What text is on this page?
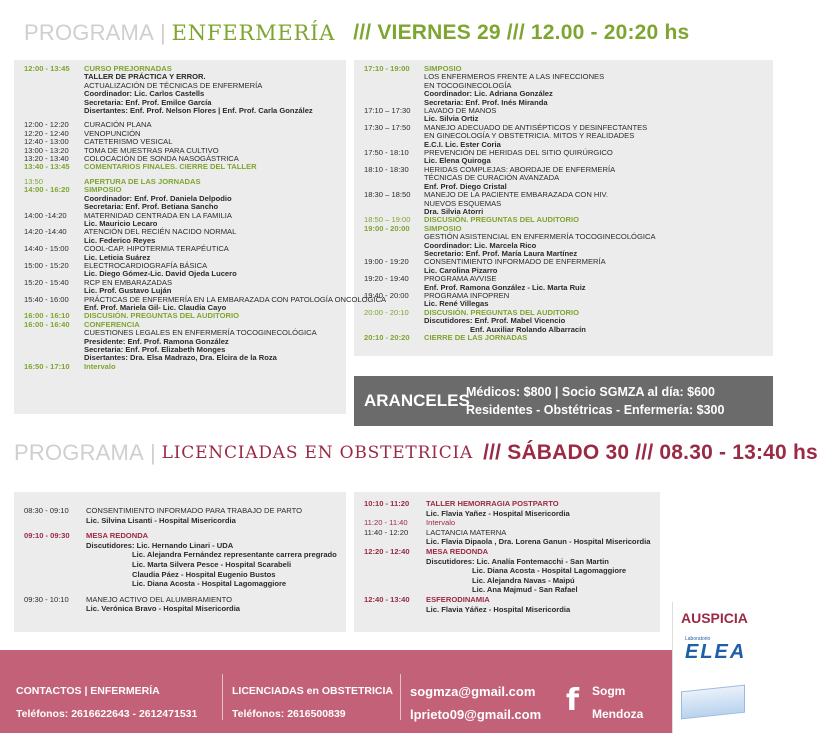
PROGRAMA | ENFERMERÍA /// VIERNES 29 /// 12.00 - 20:20 hs
12:00 - 13:45	CURSO PREJORNADAS
TALLER DE PRÁCTICA Y ERROR.
ACTUALIZACIÓN DE TÉCNICAS DE ENFERMERÍA
Coordinador: Lic. Carlos Castells
Secretaria: Enf. Prof. Emilce García
Disertantes: Enf. Prof. Nelson Flores | Enf. Prof. Carla González
12:00 - 12:20	CURACIÓN PLANA
12:20 - 12:40	VENOPUNCIÓN
12:40 - 13:00	CATETERISMO VESICAL
13:00 - 13:20	TOMA DE MUESTRAS PARA CULTIVO
13:20 - 13:40	COLOCACIÓN DE SONDA NASOGÁSTRICA
13:40 - 13:45	COMENTARIOS FINALES. CIERRE DEL TALLER
13:50	APERTURA DE LAS JORNADAS
14:00 - 16:20	SIMPOSIO
Coordinador: Enf. Prof. Daniela Delpodio
Secretaria: Enf. Prof. Betiana Sancho
14:00 -14:20	MATERNIDAD CENTRADA EN LA FAMILIA
Lic. Mauricio Lecaro
14:20 -14:40	ATENCIÓN DEL RECIÉN NACIDO NORMAL
Lic. Federico Reyes
14:40 - 15:00	COOL-CAP. HIPOTERMIA TERAPÉUTICA
Lic. Leticia Suárez
15:00 - 15:20	ELECTROCARDIOGRAFÍA BÁSICA
Lic. Diego Gómez-Lic. David Ojeda Lucero
15:20 - 15:40	RCP EN EMBARAZADAS
Lic. Prof. Gustavo Luján
15:40 - 16:00	PRÁCTICAS DE ENFERMERÍA EN LA EMBARAZADA CON PATOLOGÍA ONCOLÓGICA
Enf. Prof. Mariela Gil- Lic. Claudia Cayo
16:00 - 16:10	DISCUSIÓN. PREGUNTAS DEL AUDITORIO
16:00 - 16:40	CONFERENCIA
CUESTIONES LEGALES EN ENFERMERÍA TOCOGINECOLÓGICA
Presidente: Enf. Prof. Ramona González
Secretaria: Enf. Prof. Elizabeth Monges
Disertantes: Dra. Elsa Madrazo, Dra. Elcira de la Roza
16:50 - 17:10	Intervalo
17:10 - 19:00	SIMPOSIO
LOS ENFERMEROS FRENTE A LAS INFECCIONES
EN TOCOGINECOLOGÍA
Coordinador: Lic. Adriana González
Secretaria: Enf. Prof. Inés Miranda
17:10 – 17:30	LAVADO DE MANOS
Lic. Silvia Ortiz
17:30 – 17:50	MANEJO ADECUADO DE ANTISÉPTICOS Y DESINFECTANTES
EN GINECOLOGÍA Y OBSTETRICIA. MITOS Y REALIDADES
E.C.I. Lic. Ester Coria
17:50 - 18:10	PREVENCIÓN DE HERIDAS DEL SITIO QUIRÚRGICO
Lic. Elena Quiroga
18:10 - 18:30	HERIDAS COMPLEJAS: ABORDAJE DE ENFERMERÍA
TÉCNICAS DE CURACIÓN AVANZADA
Enf. Prof. Diego Cristal
18:30 – 18:50	MANEJO DE LA PACIENTE EMBARAZADA CON HIV.
NUEVOS ESQUEMAS
Dra. Silvia Atorri
18:50 – 19:00	DISCUSIÓN. PREGUNTAS DEL AUDITORIO
19:00 - 20:00	SIMPOSIO
GESTIÓN ASISTENCIAL EN ENFERMERÍA TOCOGINECOLÓGICA
Coordinador: Lic. Marcela Rico
Secretario: Enf. Prof. María Laura Martínez
19:00 - 19:20	CONSENTIMIENTO INFORMADO DE ENFERMERÍA
Lic. Carolina Pizarro
19:20 - 19:40	PROGRAMA AVVISE
Enf. Prof. Ramona González - Lic. Marta Ruiz
19:40 - 20:00	PROGRAMA INFOPREN
Lic. René Villegas
20:00 - 20:10	DISCUSIÓN. PREGUNTAS DEL AUDITORIO
Discutidores: Enf. Prof. Mabel Vicencio
Enf. Auxiliar Rolando Albarracín
20:10 - 20:20	CIERRE DE LAS JORNADAS
ARANCELES
Médicos: $800 | Socio SGMZA al día: $600
Residentes - Obstétricas - Enfermería: $300
PROGRAMA | LICENCIADAS EN OBSTETRICIA /// SÁBADO 30 /// 08.30 - 13:40 hs
08:30 - 09:10	CONSENTIMIENTO INFORMADO PARA TRABAJO DE PARTO
Lic. Silvina Lisanti - Hospital Misericordia
09:10 - 09:30	MESA REDONDA
Discutidores: Lic. Hernando Linari - UDA
Lic. Alejandra Fernández representante carrera pregrado
Lic. Marta Silvera Pesce - Hospital Scarabeli
Claudia Páez - Hospital Eugenio Bustos
Lic. Diana Acosta - Hospital Lagomaggiore
09:30 - 10:10	MANEJO ACTIVO DEL ALUMBRAMIENTO
Lic. Verónica Bravo - Hospital Misericordia
10:10 - 11:20	TALLER HEMORRAGIA POSTPARTO
Lic. Flavia Yañez - Hospital Misericordia
11:20 - 11:40	Intervalo
11:40 - 12:20	LACTANCIA MATERNA
Lic. Flavia Dipaola , Dra. Lorena Ganun - Hospital Misericordia
12:20 - 12:40	MESA REDONDA
Discutidores: Lic. Analía Fontemacchi - San Martin
Lic. Diana Acosta - Hospital Lagomaggiore
Lic. Alejandra Navas - Maipú
Lic. Ana Majmud - San Rafael
12:40 - 13:40	ESFERODINAMIA
Lic. Flavia Yáñez - Hospital Misericordia
CONTACTOS | ENFERMERÍA
Teléfonos: 2616622643 - 2612471531
LICENCIADAS en OBSTETRICIA
Teléfonos: 2616500839
sogmza@gmail.com
lprieto09@gmail.com f Sogm
Mendoza
AUSPICIA
Laboratorio
ELEA
